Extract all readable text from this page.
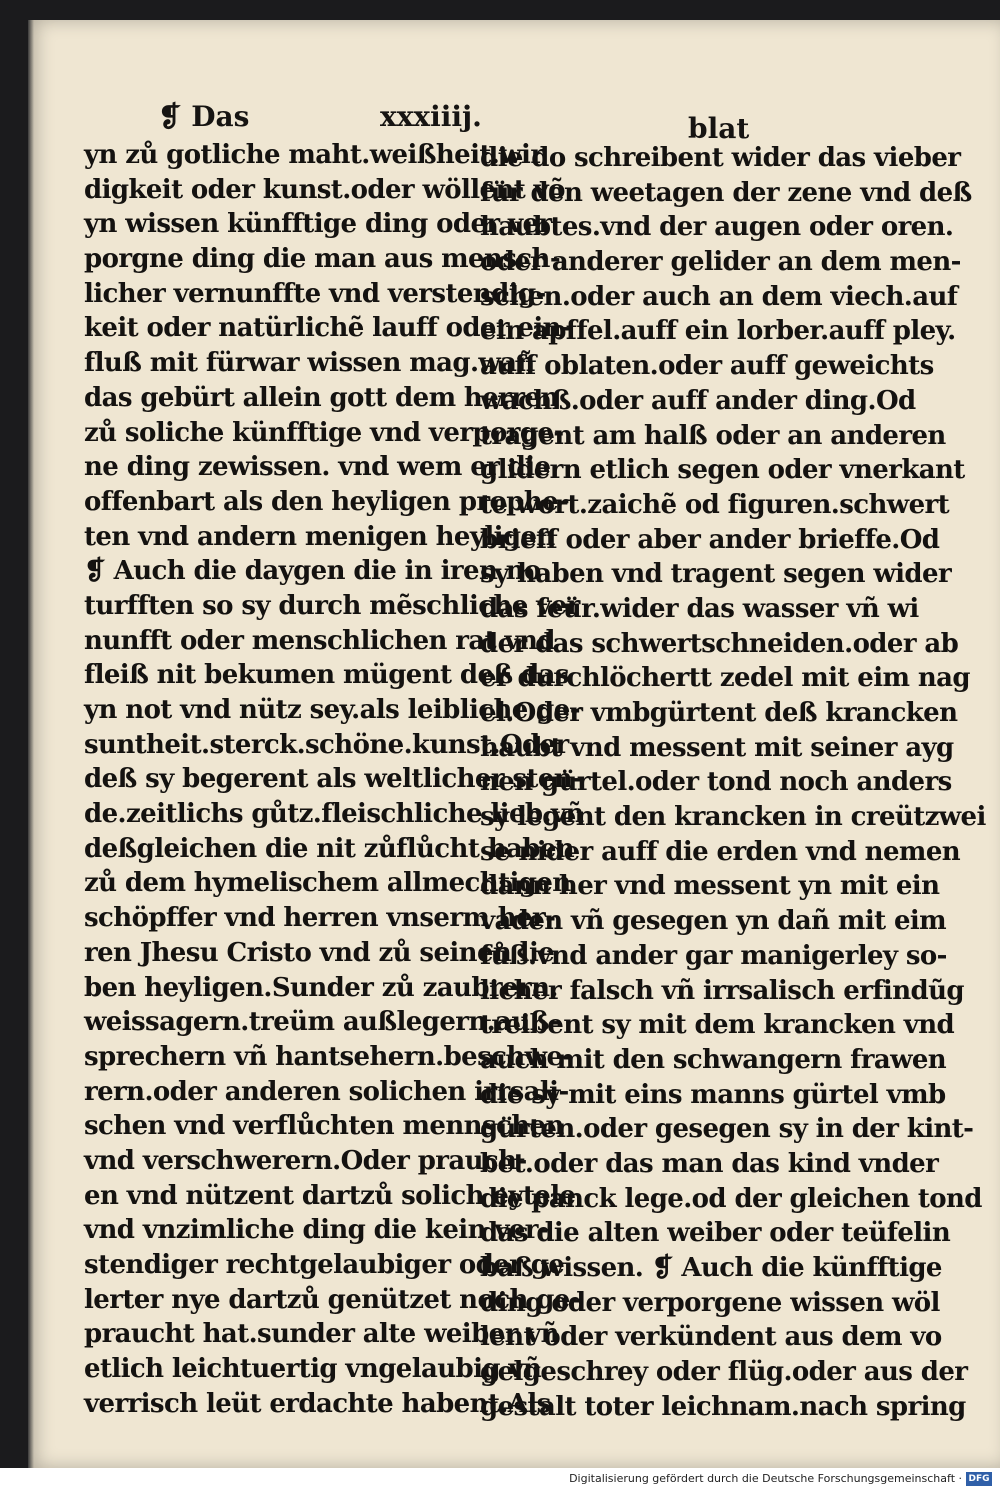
❡ Das	xxxiiij.	blat
yn zů gotliche maht.weißheit.wir
digkeit oder kunst.oder wöllent võ
yn wissen künfftige ding oder ver
porgne ding die man aus mensch-
licher vernunffte vnd verstendig-
keit oder natürlichẽ lauff oder ein-
fluß mit fürwar wissen mag.wañ
das gebürt allein gott dem herren
zů soliche künfftige vnd verporge-
ne ding zewissen. vnd wem er die
offenbart als den heyligen prophe-
ten vnd andern menigen heyligen
❡ Auch die daygen die in iren no
turfften so sy durch mẽschliche ver
nunfft oder menschlichen rat vnd
fleiß nit bekumen mügent deß das
yn not vnd nütz sey.als leibliche ge-
suntheit.sterck.schöne.kunst.Oder
deß sy begerent als weltlicher sten-
de.zeitlichs gůtz.fleischliche lieb.vñ
deßgleichen die nit zůflůcht haben
zů dem hymelischem allmechtigen
schöpffer vnd herren vnserm her-
ren Jhesu Cristo vnd zů seinen lie
ben heyligen.Sunder zů zaubrern.
weissagern.treüm außlegern.auß-
sprechern vñ hantsehern.beschwe-
rern.oder anderen solichen irrsali-
schen vnd verflůchten mennschen
vnd verschwerern.Oder prauch-
en vnd nützent dartzů solich eytele
vnd vnzimliche ding die kein ver-
stendiger rechtgelaubiger oder ge
lerter nye dartzů genützet noch ge-
praucht hat.sunder alte weiber vñ
etlich leichtuertig vngelaubig vñ
verrisch leüt erdachte habent.Als
die do schreibent wider das vieber
für den weetagen der zene vnd deß
haubtes.vnd der augen oder oren.
oder anderer gelider an dem men-
schen.oder auch an dem viech.auf
ein apffel.auff ein lorber.auff pley.
auff oblaten.oder auff geweichts
wachß.oder auff ander ding.Od
tragent am halß oder an anderen
glidern etlich segen oder vnerkant
te wort.zaichẽ od figuren.schwert
brieff oder aber ander brieffe.Od
sy haben vnd tragent segen wider
das feür.wider das wasser vñ wi
der das schwertschneiden.oder ab
er durchlöchertt zedel mit eim nag
el.Oder vmbgürtent deß krancken
haubt vnd messent mit seiner ayg
nen gürtel.oder tond noch anders
sy legent den krancken in creützwei
se nider auff die erden vnd nemen
dann her vnd messent yn mit ein
vaden vñ gesegen yn dañ mit eim
fůß.vnd ander gar manigerley so-
licher falsch vñ irrsalisch erfindũg
treibent sy mit dem krancken vnd
auch mit den schwangern frawen
die sy mit eins manns gürtel vmb
gürten.oder gesegen sy in der kint-
bet.oder das man das kind vnder
die panck lege.od der gleichen tond
das die alten weiber oder teüfelin
baß wissen. ❡ Auch die künfftige
ding oder verporgene wissen wöl
lent oder verkündent aus dem vo
gelgeschrey oder flüg.oder aus der
gestalt toter leichnam.nach spring
Digitalisierung gefördert durch die Deutsche Forschungsgemeinschaft · DFG
